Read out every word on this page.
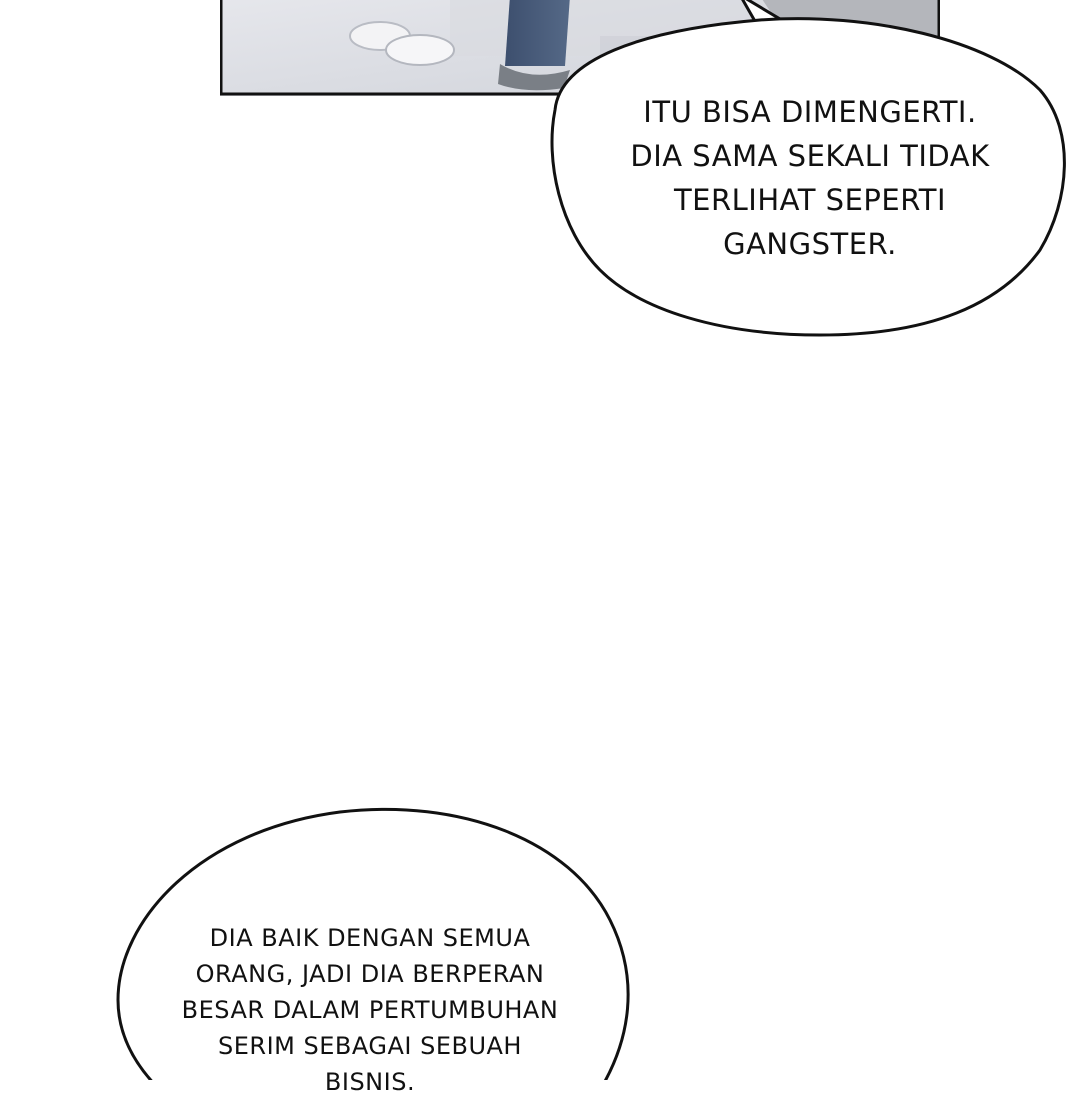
ITU BISA DIMENGERTI.
DIA SAMA SEKALI TIDAK
TERLIHAT SEPERTI
GANGSTER.
DIA BAIK DENGAN SEMUA
ORANG, JADI DIA BERPERAN
BESAR DALAM PERTUMBUHAN
SERIM SEBAGAI SEBUAH
BISNIS.
